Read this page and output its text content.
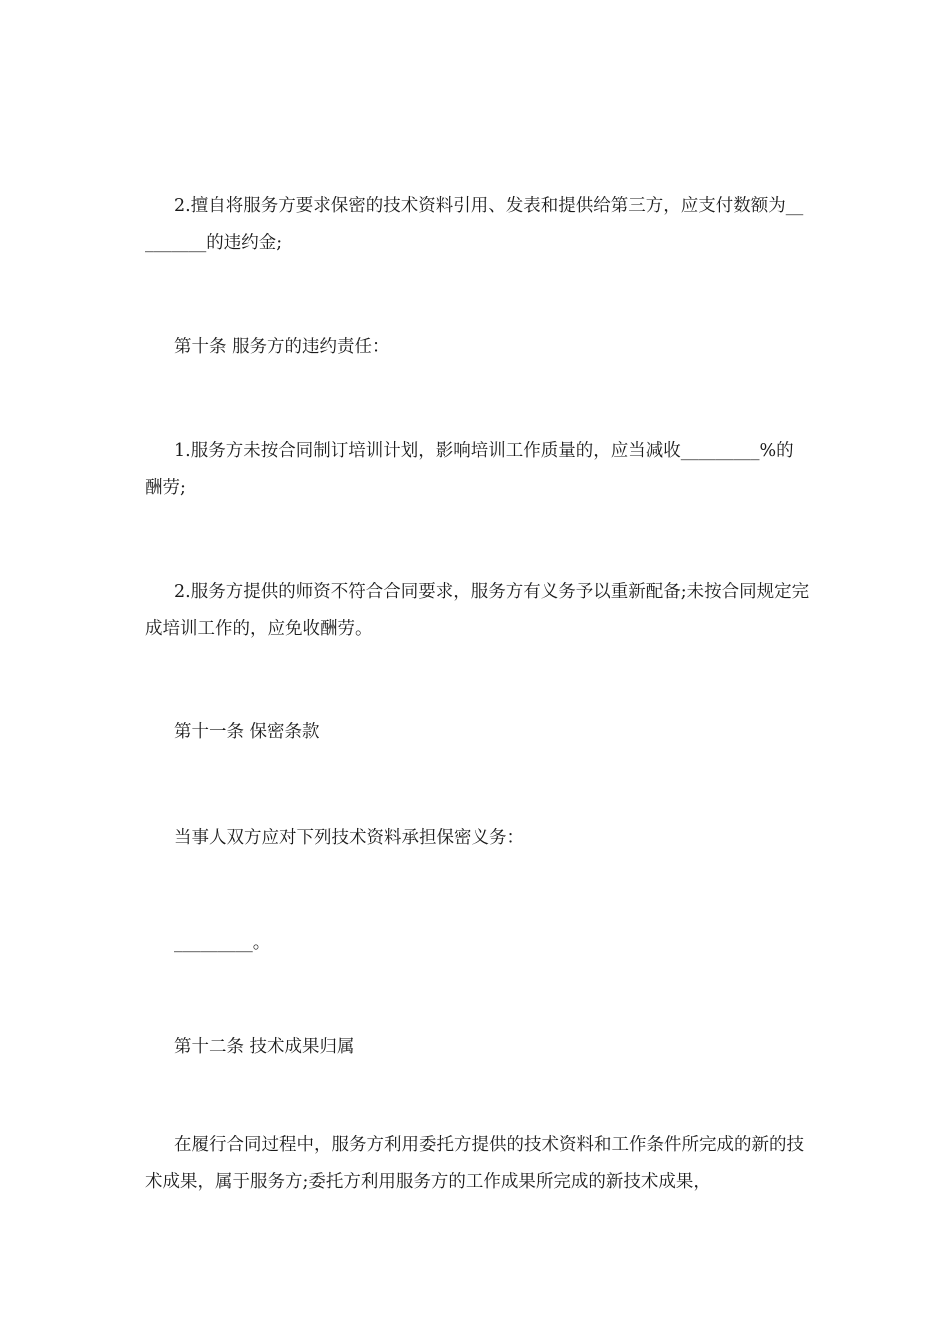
2.擅自将服务方要求保密的技术资料引用、发表和提供给第三方，应支付数额为_________的违约金;

第十条 服务方的违约责任：

1.服务方未按合同制订培训计划，影响培训工作质量的，应当减收_________%的酬劳;

2.服务方提供的师资不符合合同要求，服务方有义务予以重新配备;未按合同规定完成培训工作的，应免收酬劳。

第十一条 保密条款

当事人双方应对下列技术资料承担保密义务：

_________。

第十二条 技术成果归属

在履行合同过程中，服务方利用委托方提供的技术资料和工作条件所完成的新的技术成果，属于服务方;委托方利用服务方的工作成果所完成的新技术成果，
